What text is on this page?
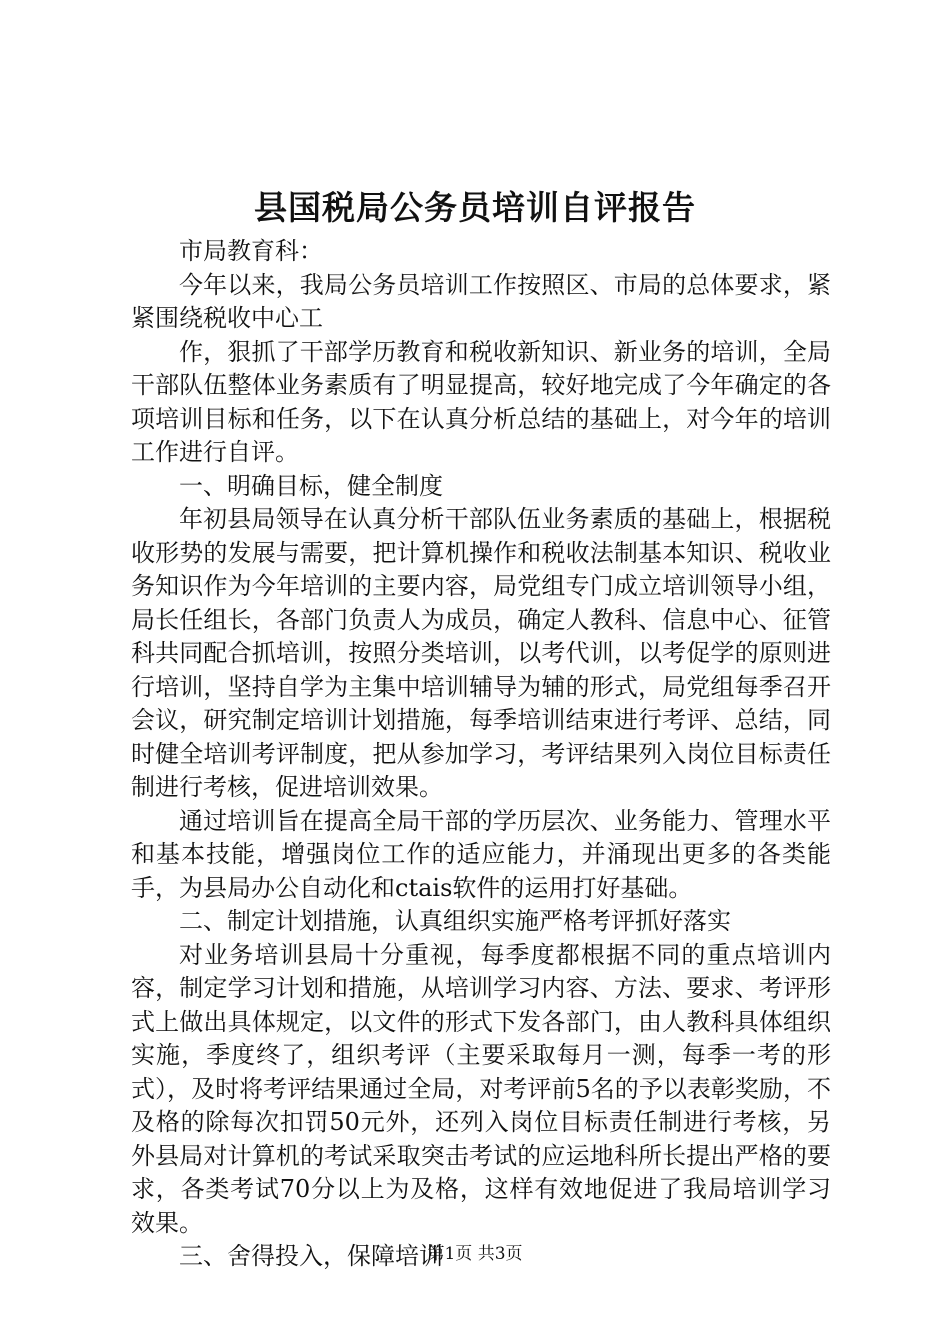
县国税局公务员培训自评报告

市局教育科：

今年以来，我局公务员培训工作按照区、市局的总体要求，紧紧围绕税收中心工

作，狠抓了干部学历教育和税收新知识、新业务的培训，全局干部队伍整体业务素质有了明显提高，较好地完成了今年确定的各项培训目标和任务，以下在认真分析总结的基础上，对今年的培训工作进行自评。

一、明确目标，健全制度

年初县局领导在认真分析干部队伍业务素质的基础上，根据税收形势的发展与需要，把计算机操作和税收法制基本知识、税收业务知识作为今年培训的主要内容，局党组专门成立培训领导小组，局长任组长，各部门负责人为成员，确定人教科、信息中心、征管科共同配合抓培训，按照分类培训，以考代训，以考促学的原则进行培训，坚持自学为主集中培训辅导为辅的形式，局党组每季召开会议，研究制定培训计划措施，每季培训结束进行考评、总结，同时健全培训考评制度，把从参加学习，考评结果列入岗位目标责任制进行考核，促进培训效果。

通过培训旨在提高全局干部的学历层次、业务能力、管理水平和基本技能，增强岗位工作的适应能力，并涌现出更多的各类能手，为县局办公自动化和ctais软件的运用打好基础。

二、制定计划措施，认真组织实施严格考评抓好落实

对业务培训县局十分重视，每季度都根据不同的重点培训内容，制定学习计划和措施，从培训学习内容、方法、要求、考评形式上做出具体规定，以文件的形式下发各部门，由人教科具体组织实施，季度终了，组织考评（主要采取每月一测，每季一考的形式），及时将考评结果通过全局，对考评前5名的予以表彰奖励，不及格的除每次扣罚50元外，还列入岗位目标责任制进行考核，另外县局对计算机的考试采取突击考试的应运地科所长提出严格的要求，各类考试70分以上为及格，这样有效地促进了我局培训学习效果。

三、舍得投入，保障培训

第1页 共3页
